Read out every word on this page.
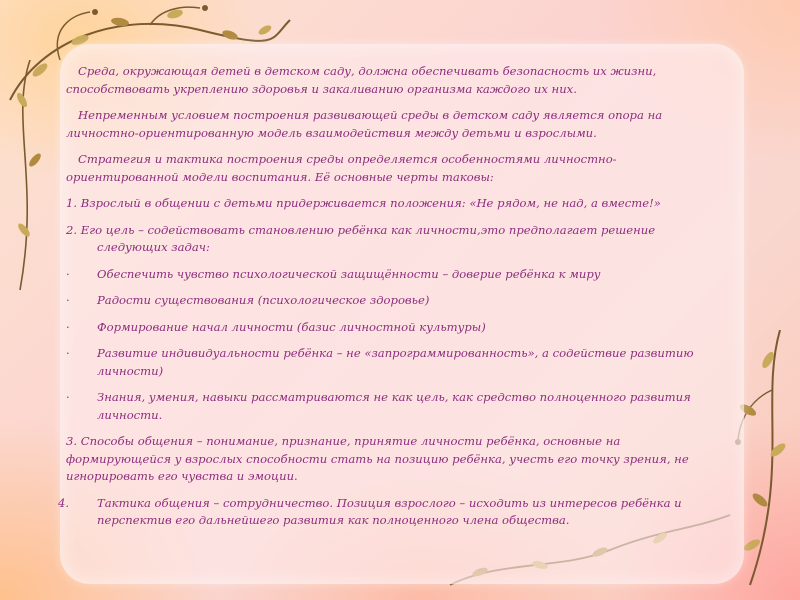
Среда, окружающая детей в детском саду, должна обеспечивать безопасность их жизни, способствовать укреплению здоровья и закаливанию организма каждого их них.

Непременным условием построения развивающей среды в детском саду является опора на личностно-ориентированную модель взаимодействия между детьми и взрослыми.

Стратегия и тактика построения среды определяется особенностями личностно-ориентированной модели воспитания. Её основные черты таковы:

1. Взрослый в общении с детьми придерживается положения: «Не рядом, не над, а вместе!»

2. Его цель – содействовать становлению ребёнка как личности,это предполагает решение следующих задач:

·	Обеспечить чувство психологической защищённости – доверие ребёнка к миру
·	Радости существования (психологическое здоровье)
·	Формирование начал личности (базис личностной культуры)
·	Развитие индивидуальности ребёнка – не «запрограммированность», а содействие развитию личности)
·	Знания, умения, навыки рассматриваются не как цель, как средство полноценного развития личности.

3. Способы общения – понимание, признание, принятие личности ребёнка, основные на формирующейся у взрослых способности стать на позицию ребёнка, учесть его точку зрения, не игнорировать его чувства и эмоции.

4.	Тактика общения – сотрудничество. Позиция взрослого – исходить из интересов ребёнка и перспектив его дальнейшего развития как полноценного члена общества.
